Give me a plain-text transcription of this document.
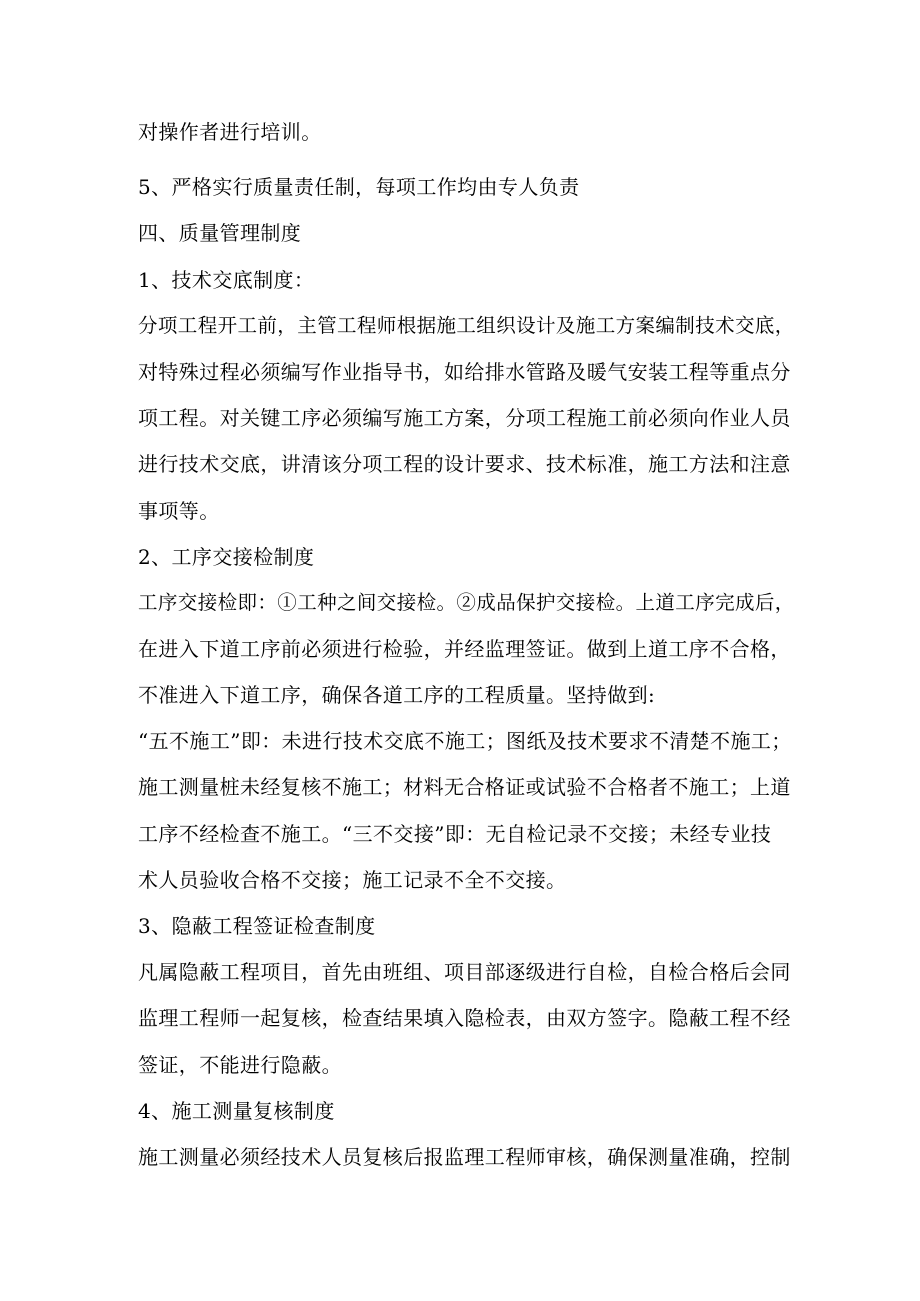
对操作者进行培训。
5、严格实行质量责任制，每项工作均由专人负责
四、质量管理制度
1、技术交底制度：
分项工程开工前，主管工程师根据施工组织设计及施工方案编制技术交底，
对特殊过程必须编写作业指导书，如给排水管路及暖气安装工程等重点分
项工程。对关键工序必须编写施工方案，分项工程施工前必须向作业人员
进行技术交底，讲清该分项工程的设计要求、技术标准，施工方法和注意
事项等。
2、工序交接检制度
工序交接检即：①工种之间交接检。②成品保护交接检。上道工序完成后，
在进入下道工序前必须进行检验，并经监理签证。做到上道工序不合格，
不准进入下道工序，确保各道工序的工程质量。坚持做到:
“五不施工”即：未进行技术交底不施工；图纸及技术要求不清楚不施工；
施工测量桩未经复核不施工；材料无合格证或试验不合格者不施工；上道
工序不经检查不施工。“三不交接”即：无自检记录不交接；未经专业技
术人员验收合格不交接；施工记录不全不交接。
3、隐蔽工程签证检查制度
凡属隐蔽工程项目，首先由班组、项目部逐级进行自检，自检合格后会同
监理工程师一起复核，检查结果填入隐检表，由双方签字。隐蔽工程不经
签证，不能进行隐蔽。
4、施工测量复核制度
施工测量必须经技术人员复核后报监理工程师审核，确保测量准确，控制
